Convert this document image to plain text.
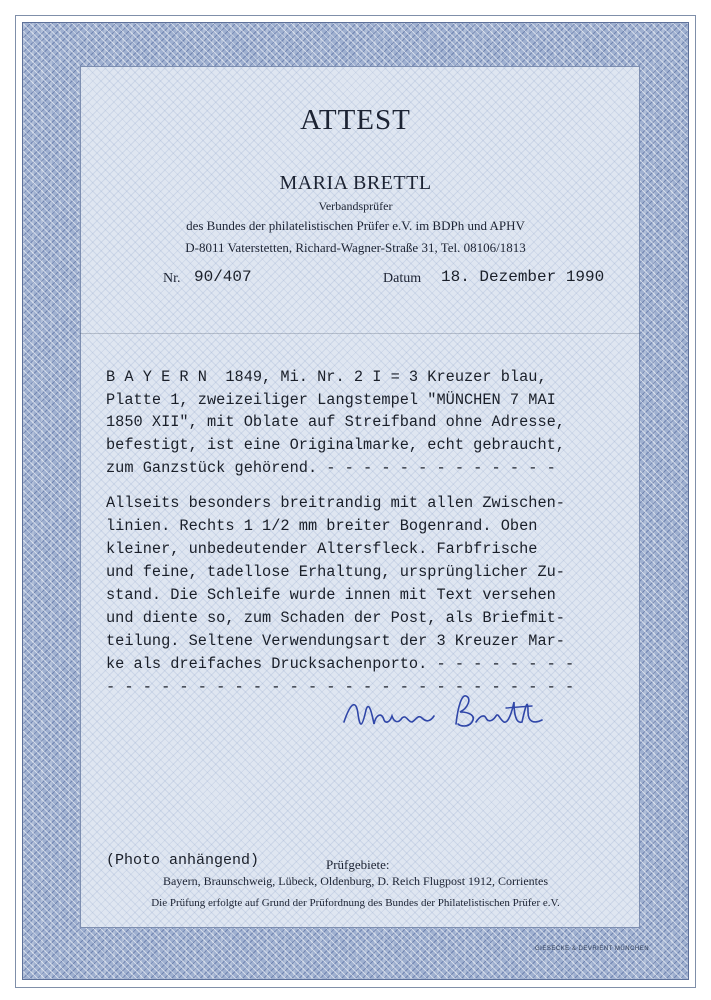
ATTEST
MARIA BRETTL
Verbandsprüfer
des Bundes der philatelistischen Prüfer e.V. im BDPh und APHV
D-8011 Vaterstetten, Richard-Wagner-Straße 31, Tel. 08106/1813
Nr. 90/407	Datum 18. Dezember 1990
B A Y E R N  1849, Mi. Nr. 2 I = 3 Kreuzer blau,
Platte 1, zweizeiliger Langstempel "MÜNCHEN 7 MAI
1850 XII", mit Oblate auf Streifband ohne Adresse,
befestigt, ist eine Originalmarke, echt gebraucht,
zum Ganzstück gehörend. - - - - - - - - - - - - -
Allseits besonders breitrandig mit allen Zwischen-
linien. Rechts 1 1/2 mm breiter Bogenrand. Oben
kleiner, unbedeutender Altersfleck. Farbfrische
und feine, tadellose Erhaltung, ursprünglicher Zu-
stand. Die Schleife wurde innen mit Text versehen
und diente so, zum Schaden der Post, als Briefmit-
teilung. Seltene Verwendungsart der 3 Kreuzer Mar-
ke als dreifaches Drucksachenporto. - - - - - - - -
- - - - - - - - - - - - - - - - - - - - - - - - - -
(Photo anhängend)	Prüfgebiete:
Bayern, Braunschweig, Lübeck, Oldenburg, D. Reich Flugpost 1912, Corrientes
Die Prüfung erfolgte auf Grund der Prüfordnung des Bundes der Philatelistischen Prüfer e.V.
GIESECKE & DEVRIENT MÜNCHEN
